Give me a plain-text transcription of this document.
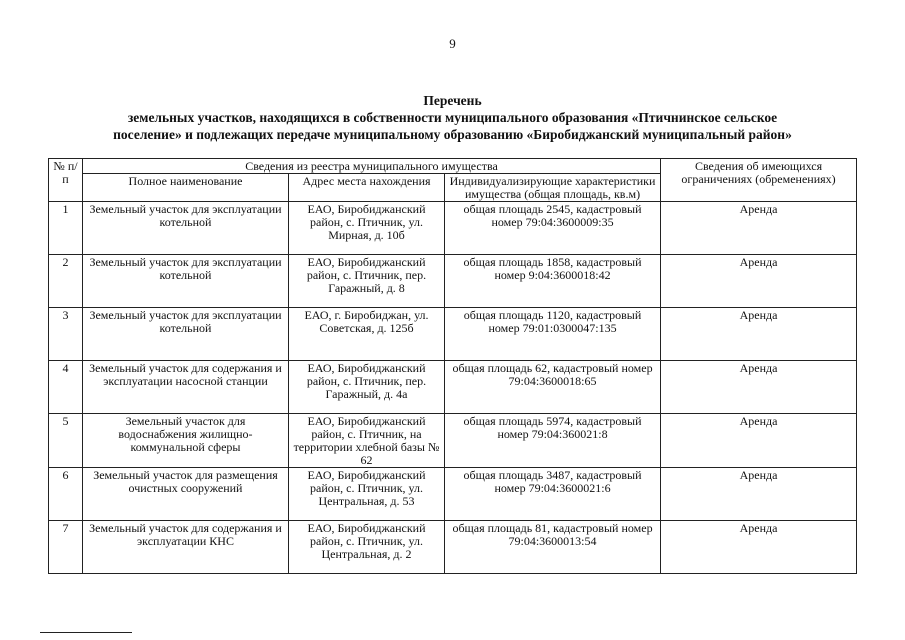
9
Перечень
земельных участков, находящихся в собственности муниципального образования «Птичнинское сельское
поселение» и подлежащих передаче муниципальному образованию «Биробиджанский муниципальный район»
№ п/п	Сведения из реестра муниципального имущества			Сведения об имеющихся ограничениях (обременениях)
	Полное наименование	Адрес места нахождения	Индивидуализирующие характеристики имущества (общая площадь, кв.м)	
1	Земельный участок для эксплуатации котельной	ЕАО, Биробиджанский район, с. Птичник, ул. Мирная, д. 10б	общая площадь 2545, кадастровый номер 79:04:3600009:35	Аренда
2	Земельный участок для эксплуатации котельной	ЕАО, Биробиджанский район, с. Птичник, пер. Гаражный, д. 8	общая площадь 1858, кадастровый номер 9:04:3600018:42	Аренда
3	Земельный участок для эксплуатации котельной	ЕАО, г. Биробиджан, ул. Советская, д. 125б	общая площадь 1120, кадастровый номер 79:01:0300047:135	Аренда
4	Земельный участок для содержания и эксплуатации насосной станции	ЕАО, Биробиджанский район, с. Птичник, пер. Гаражный, д. 4а	общая площадь 62, кадастровый номер 79:04:3600018:65	Аренда
5	Земельный участок для водоснабжения жилищно-коммунальной сферы	ЕАО, Биробиджанский район, с. Птичник, на территории хлебной базы № 62	общая площадь 5974, кадастровый номер 79:04:360021:8	Аренда
6	Земельный участок для размещения очистных сооружений	ЕАО, Биробиджанский район, с. Птичник, ул. Центральная, д. 53	общая площадь 3487, кадастровый номер 79:04:3600021:6	Аренда
7	Земельный участок для содержания и эксплуатации КНС	ЕАО, Биробиджанский район, с. Птичник, ул. Центральная, д. 2	общая площадь 81, кадастровый номер 79:04:3600013:54	Аренда
